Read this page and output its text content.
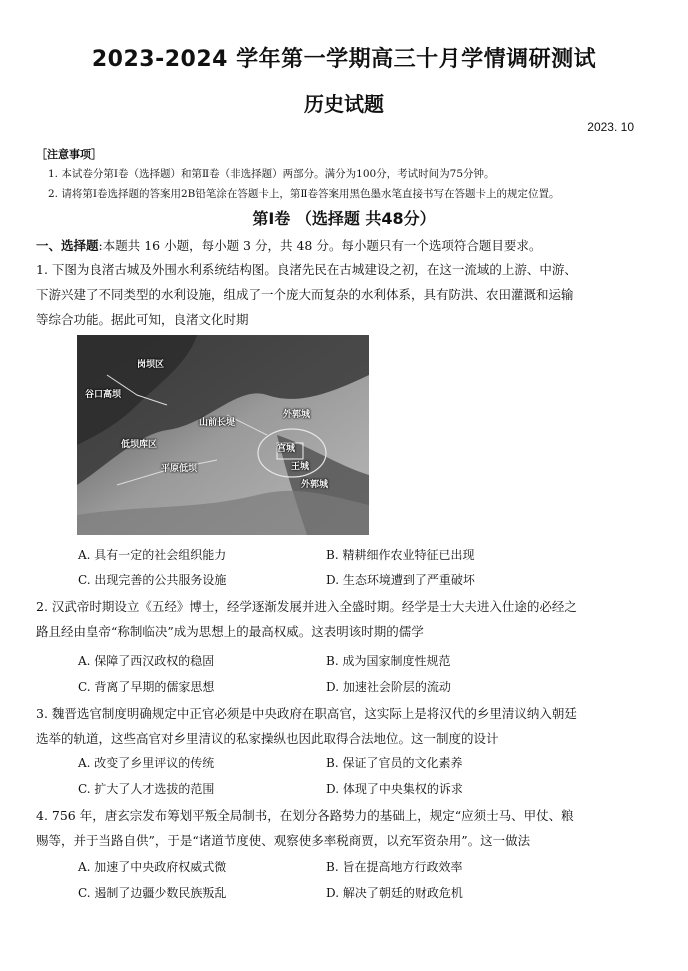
2023-2024 学年第一学期高三十月学情调研测试
历史试题
2023. 10
［注意事项］
1. 本试卷分第Ⅰ卷（选择题）和第Ⅱ卷（非选择题）两部分。满分为100分，考试时间为75分钟。
2. 请将第Ⅰ卷选择题的答案用2B铅笔涂在答题卡上，第Ⅱ卷答案用黑色墨水笔直接书写在答题卡上的规定位置。
第Ⅰ卷 （选择题 共48分）
一、选择题:本题共 16 小题，每小题 3 分，共 48 分。每小题只有一个选项符合题目要求。
1. 下图为良渚古城及外围水利系统结构图。良渚先民在古城建设之初，在这一流域的上游、中游、
下游兴建了不同类型的水利设施，组成了一个庞大而复杂的水利体系，具有防洪、农田灌溉和运输
等综合功能。据此可知，良渚文化时期
岗坝区
谷口高坝
山前长堤
外郭城
低坝库区	宫城
王城
平原低坝
外郭城
A. 具有一定的社会组织能力	B. 精耕细作农业特征已出现
C. 出现完善的公共服务设施	D. 生态环境遭到了严重破坏
2. 汉武帝时期设立《五经》博士，经学逐渐发展并进入全盛时期。经学是士大夫进入仕途的必经之
路且经由皇帝“称制临决”成为思想上的最高权威。这表明该时期的儒学
A. 保障了西汉政权的稳固	B. 成为国家制度性规范
C. 背离了早期的儒家思想	D. 加速社会阶层的流动
3. 魏晋选官制度明确规定中正官必须是中央政府在职高官，这实际上是将汉代的乡里清议纳入朝廷
选举的轨道，这些高官对乡里清议的私家操纵也因此取得合法地位。这一制度的设计
A. 改变了乡里评议的传统	B. 保证了官员的文化素养
C. 扩大了人才选拔的范围	D. 体现了中央集权的诉求
4. 756 年，唐玄宗发布筹划平叛全局制书，在划分各路势力的基础上，规定“应须士马、甲仗、粮
赐等，并于当路自供”，于是“诸道节度使、观察使多率税商贾，以充军资杂用”。这一做法
A. 加速了中央政府权威式微	B. 旨在提高地方行政效率
C. 遏制了边疆少数民族叛乱	D. 解决了朝廷的财政危机
